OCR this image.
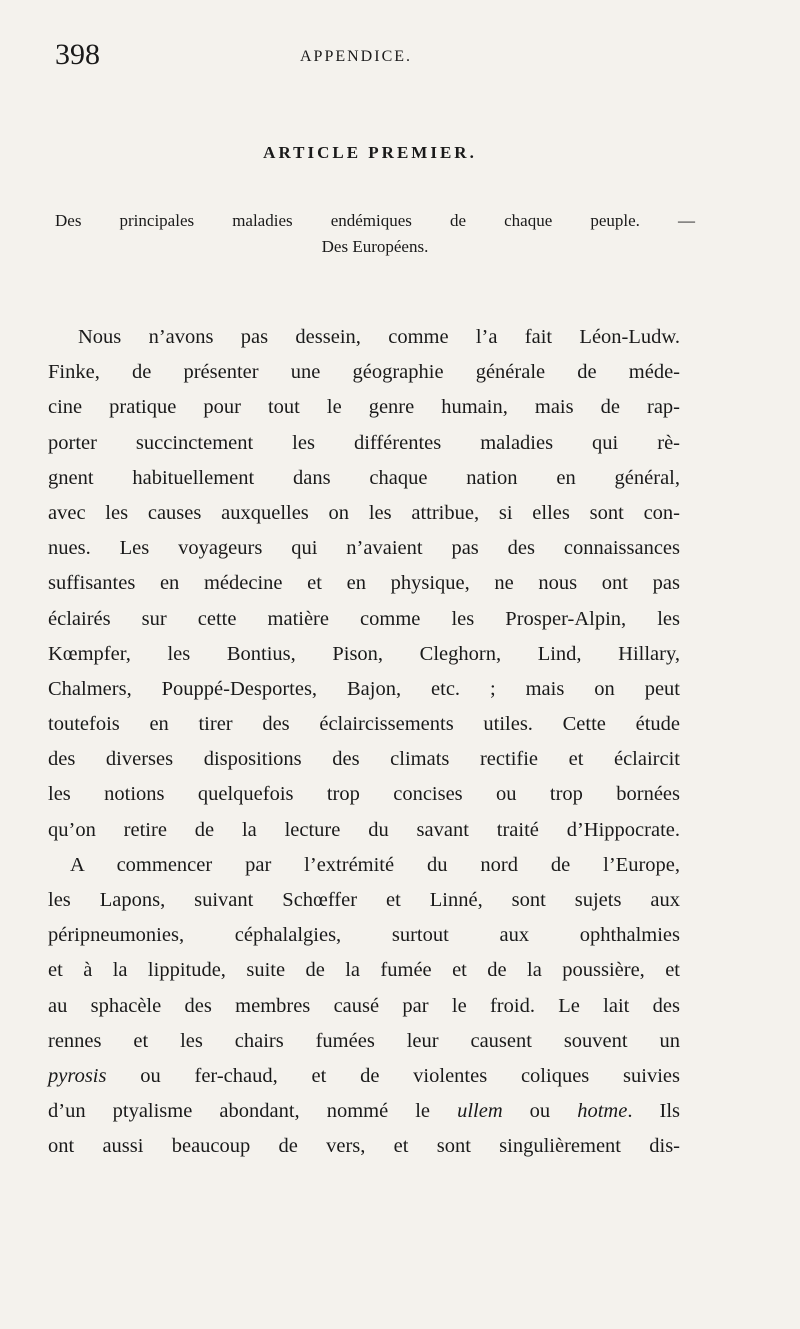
398	APPENDICE.
ARTICLE PREMIER.
Des principales maladies endémiques de chaque peuple. —
Des Européens.
Nous n’avons pas dessein, comme l’a fait Léon-Ludw.
Finke, de présenter une géographie générale de méde-
cine pratique pour tout le genre humain, mais de rap-
porter succinctement les différentes maladies qui rè-
gnent habituellement dans chaque nation en général,
avec les causes auxquelles on les attribue, si elles sont con-
nues. Les voyageurs qui n’avaient pas des connaissances
suffisantes en médecine et en physique, ne nous ont pas
éclairés sur cette matière comme les Prosper-Alpin, les
Kœmpfer, les Bontius, Pison, Cleghorn, Lind, Hillary,
Chalmers, Pouppé-Desportes, Bajon, etc. ; mais on peut
toutefois en tirer des éclaircissements utiles. Cette étude
des diverses dispositions des climats rectifie et éclaircit
les notions quelquefois trop concises ou trop bornées
qu’on retire de la lecture du savant traité d’Hippocrate.
A commencer par l’extrémité du nord de l’Europe,
les Lapons, suivant Schœffer et Linné, sont sujets aux
péripneumonies, céphalalgies, surtout aux ophthalmies
et à la lippitude, suite de la fumée et de la poussière, et
au sphacèle des membres causé par le froid. Le lait des
rennes et les chairs fumées leur causent souvent un
pyrosis ou fer-chaud, et de violentes coliques suivies
d’un ptyalisme abondant, nommé le ullem ou hotme. Ils
ont aussi beaucoup de vers, et sont singulièrement dis-
